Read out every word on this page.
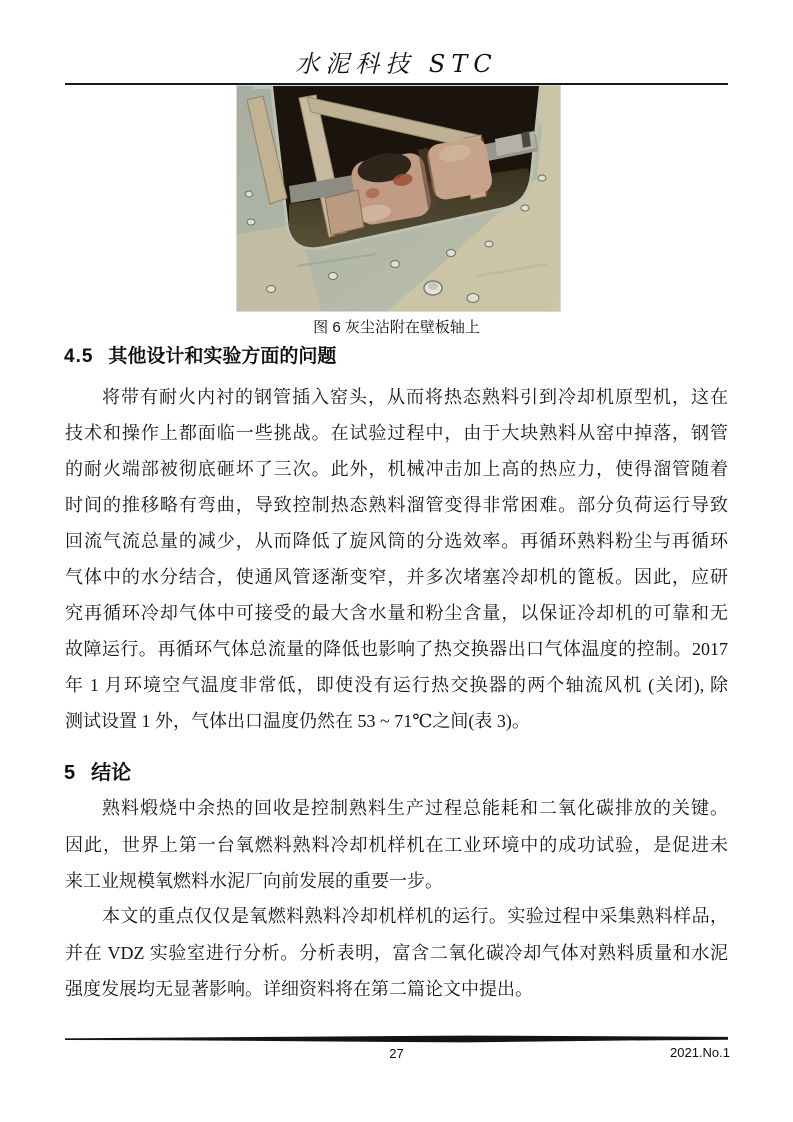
水泥科技 STC
图 6 灰尘沾附在壁板轴上
4.5 其他设计和实验方面的问题
将带有耐火内衬的钢管插入窑头，从而将热态熟料引到冷却机原型机，这在
技术和操作上都面临一些挑战。在试验过程中，由于大块熟料从窑中掉落，钢管
的耐火端部被彻底砸坏了三次。此外，机械冲击加上高的热应力，使得溜管随着
时间的推移略有弯曲，导致控制热态熟料溜管变得非常困难。部分负荷运行导致
回流气流总量的减少，从而降低了旋风筒的分选效率。再循环熟料粉尘与再循环
气体中的水分结合，使通风管逐渐变窄，并多次堵塞冷却机的篦板。因此，应研
究再循环冷却气体中可接受的最大含水量和粉尘含量，以保证冷却机的可靠和无
故障运行。再循环气体总流量的降低也影响了热交换器出口气体温度的控制。2017
年 1 月环境空气温度非常低，即使没有运行热交换器的两个轴流风机 (关闭), 除
测试设置 1 外，气体出口温度仍然在 53 ~ 71℃之间(表 3)。
5 结论
熟料煅烧中余热的回收是控制熟料生产过程总能耗和二氧化碳排放的关键。
因此，世界上第一台氧燃料熟料冷却机样机在工业环境中的成功试验，是促进未
来工业规模氧燃料水泥厂向前发展的重要一步。
本文的重点仅仅是氧燃料熟料冷却机样机的运行。实验过程中采集熟料样品，
并在 VDZ 实验室进行分析。分析表明，富含二氧化碳冷却气体对熟料质量和水泥
强度发展均无显著影响。详细资料将在第二篇论文中提出。
27	2021.No.1
